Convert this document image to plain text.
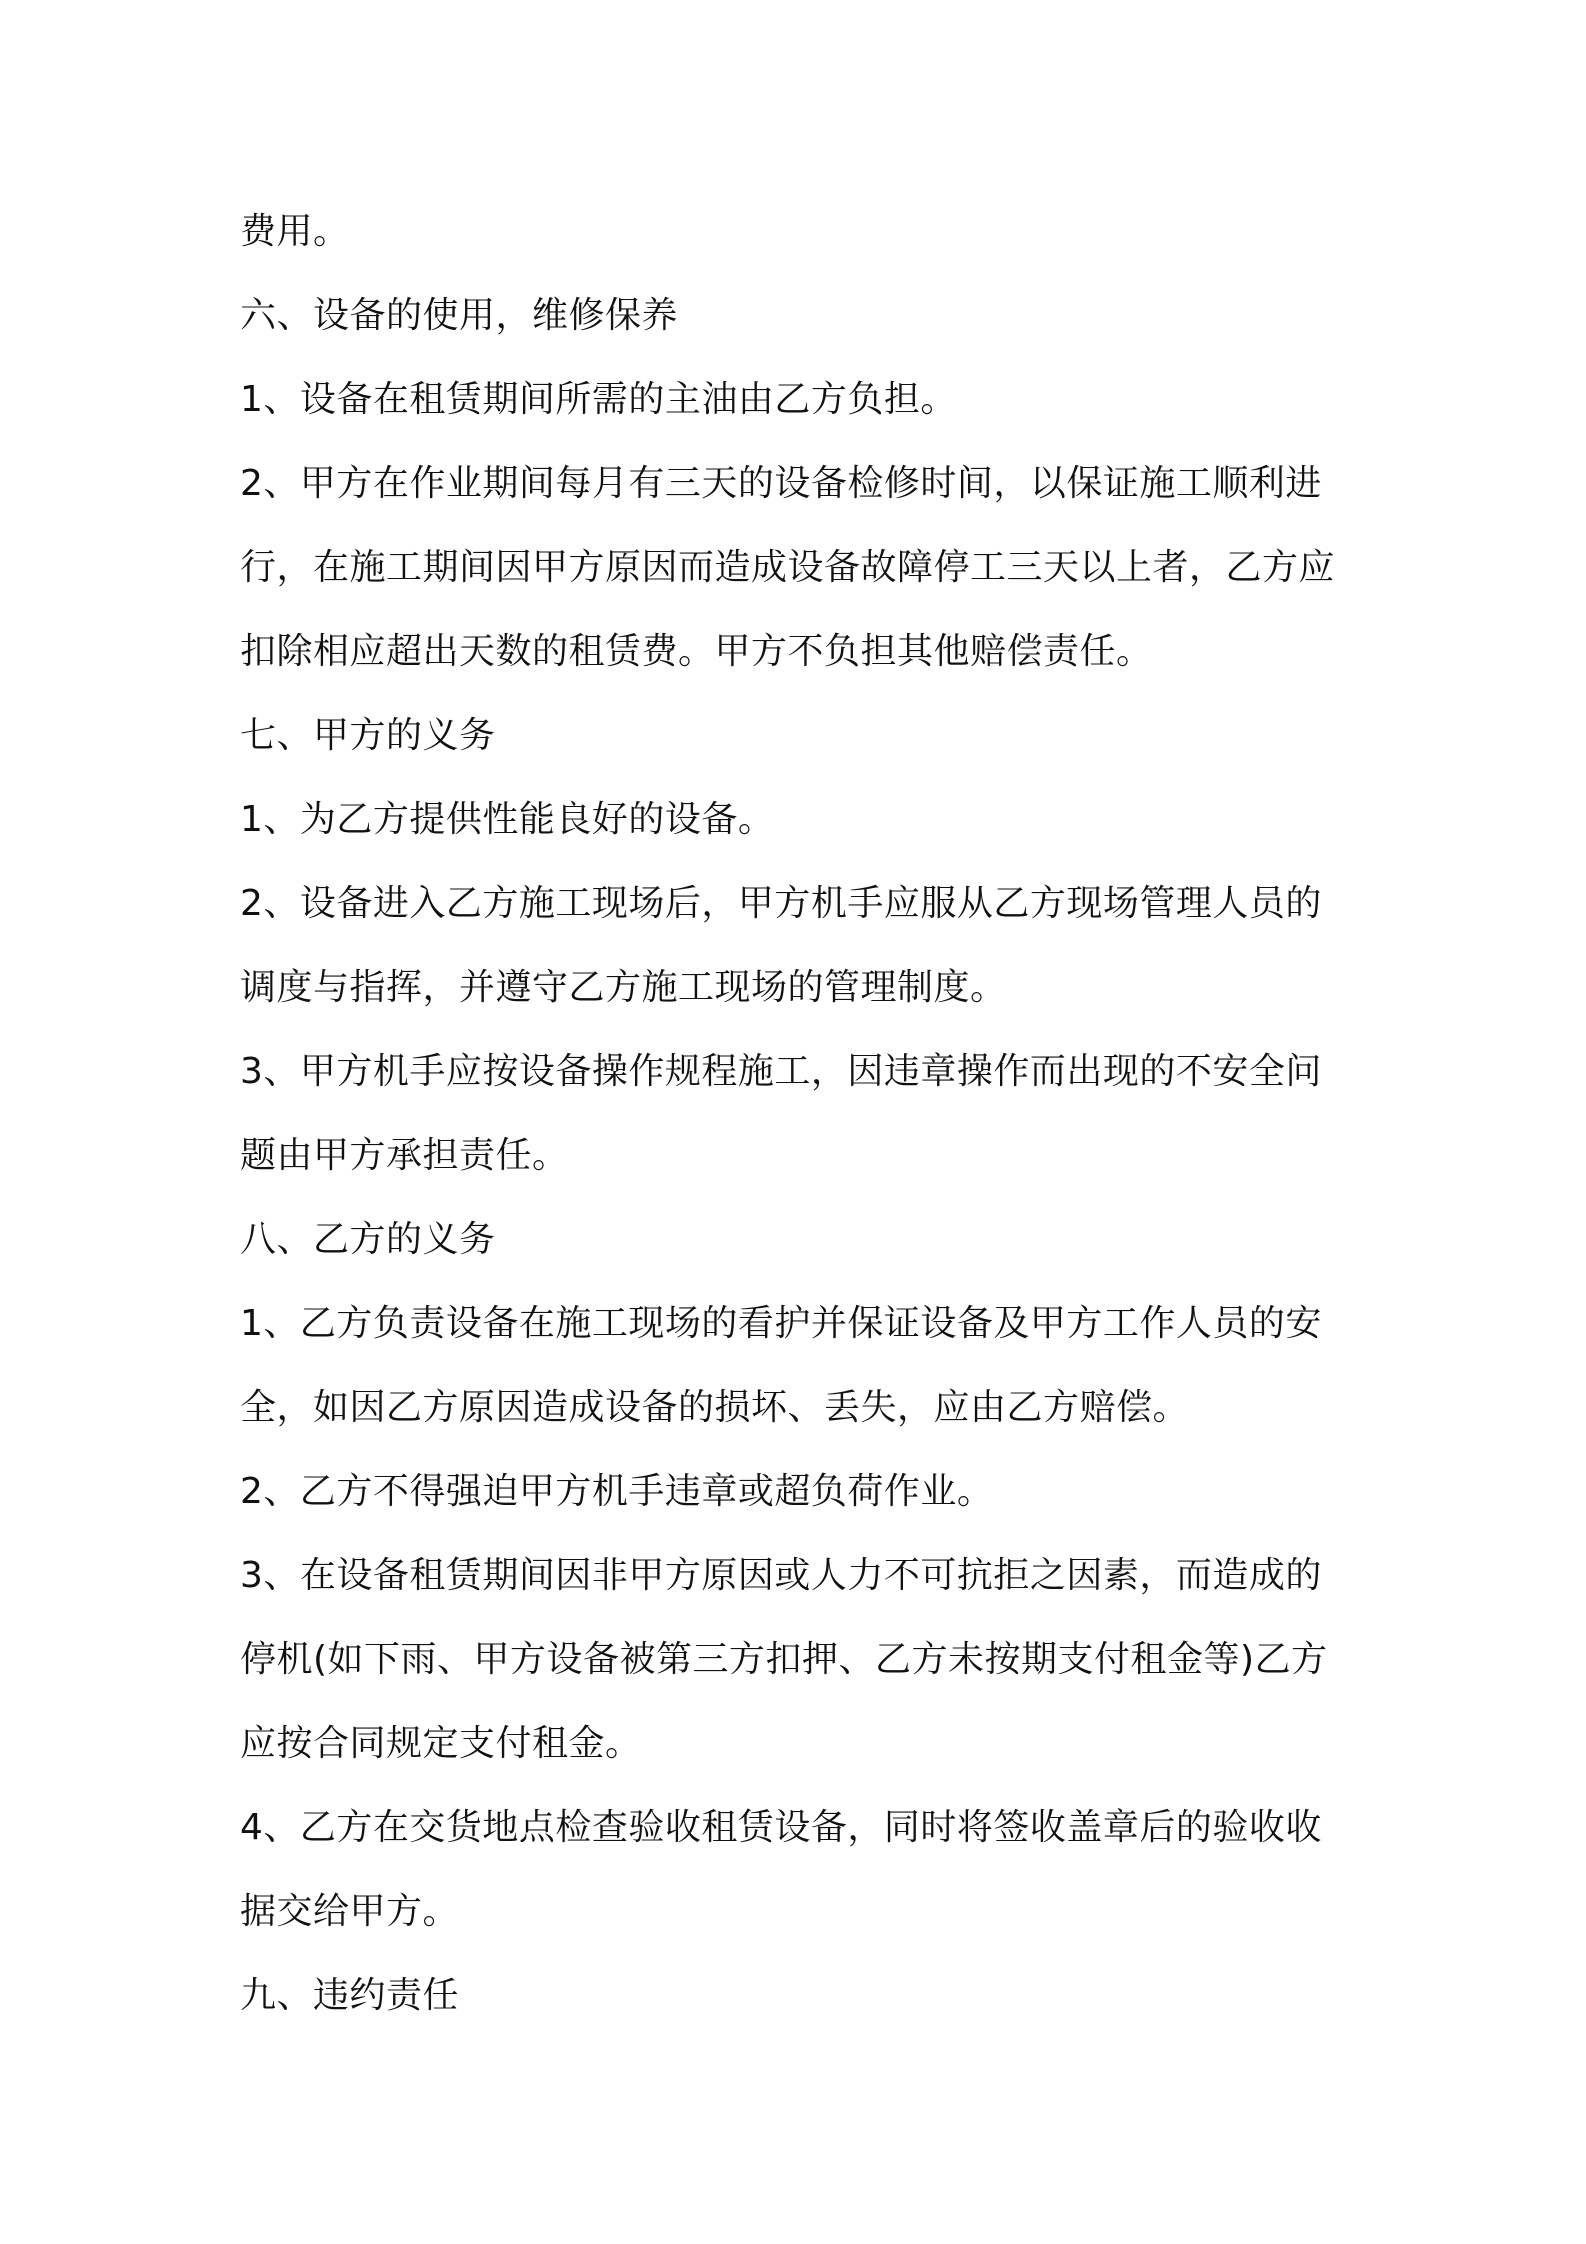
费用。
六、设备的使用，维修保养
1、设备在租赁期间所需的主油由乙方负担。
2、甲方在作业期间每月有三天的设备检修时间，以保证施工顺利进
行，在施工期间因甲方原因而造成设备故障停工三天以上者，乙方应
扣除相应超出天数的租赁费。甲方不负担其他赔偿责任。
七、甲方的义务
1、为乙方提供性能良好的设备。
2、设备进入乙方施工现场后，甲方机手应服从乙方现场管理人员的
调度与指挥，并遵守乙方施工现场的管理制度。
3、甲方机手应按设备操作规程施工，因违章操作而出现的不安全问
题由甲方承担责任。
八、乙方的义务
1、乙方负责设备在施工现场的看护并保证设备及甲方工作人员的安
全，如因乙方原因造成设备的损坏、丢失，应由乙方赔偿。
2、乙方不得强迫甲方机手违章或超负荷作业。
3、在设备租赁期间因非甲方原因或人力不可抗拒之因素，而造成的
停机(如下雨、甲方设备被第三方扣押、乙方未按期支付租金等)乙方
应按合同规定支付租金。
4、乙方在交货地点检查验收租赁设备，同时将签收盖章后的验收收
据交给甲方。
九、违约责任
